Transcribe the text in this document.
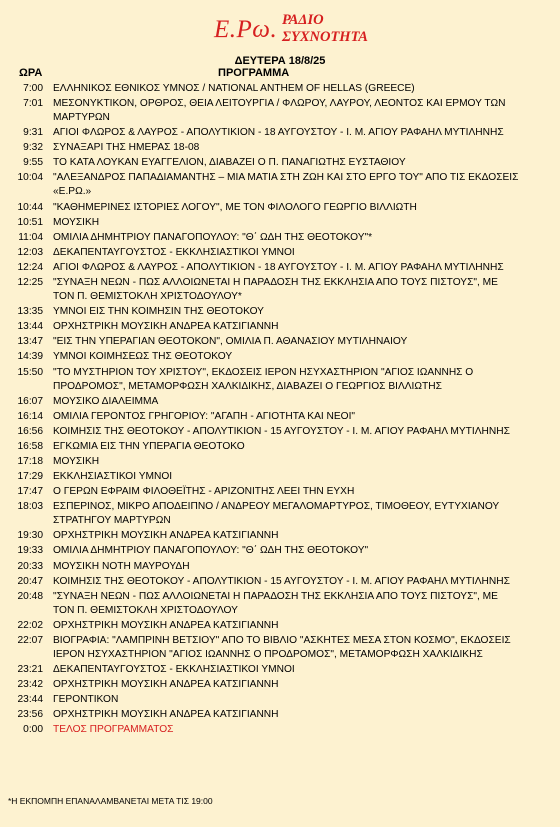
Ε.Ρω. ΡΑΔΙΟ
ΣΥΧΝΟΤΗΤΑ
ΔΕΥΤΕΡΑ 18/8/25
ΩΡΑ	ΠΡΟΓΡΑΜΜΑ
7:00 ΕΛΛΗΝΙΚΟΣ ΕΘΝΙΚΟΣ ΥΜΝΟΣ / NATIONAL ANTHEM OF HELLAS (GREECE)
7:01 ΜΕΣΟΝΥΚΤΙΚΟΝ, ΟΡΘΡΟΣ, ΘΕΙΑ ΛΕΙΤΟΥΡΓΙΑ / ΦΛΩΡΟΥ, ΛΑΥΡΟΥ, ΛΕΟΝΤΟΣ ΚΑΙ ΕΡΜΟΥ ΤΩΝ ΜΑΡΤΥΡΩΝ
9:31 ΑΓΙΟΙ ΦΛΩΡΟΣ & ΛΑΥΡΟΣ - ΑΠΟΛΥΤΙΚΙΟΝ - 18 ΑΥΓΟΥΣΤΟΥ - Ι. Μ. ΑΓΙΟΥ ΡΑΦΑΗΛ ΜΥΤΙΛΗΝΗΣ
9:32 ΣΥΝΑΞΑΡΙ ΤΗΣ ΗΜΕΡΑΣ 18-08
9:55 ΤΟ ΚΑΤΑ ΛΟΥΚΑΝ ΕΥΑΓΓΕΛΙΟΝ, ΔΙΑΒΑΖΕΙ Ο Π. ΠΑΝΑΓΙΩΤΗΣ ΕΥΣΤΑΘΙΟΥ
10:04 "ΑΛΕΞΑΝΔΡΟΣ ΠΑΠΑΔΙΑΜΑΝΤΗΣ – ΜΙΑ ΜΑΤΙΑ ΣΤΗ ΖΩΗ ΚΑΙ ΣΤΟ ΕΡΓΟ ΤΟΥ" ΑΠΟ ΤΙΣ ΕΚΔΟΣΕΙΣ «Ε.ΡΩ.»
10:44 "ΚΑΘΗΜΕΡΙΝΕΣ ΙΣΤΟΡΙΕΣ ΛΟΓΟΥ", ΜΕ ΤΟΝ ΦΙΛΟΛΟΓΟ ΓΕΩΡΓΙΟ ΒΙΛΛΙΩΤΗ
10:51 ΜΟΥΣΙΚΗ
11:04 ΟΜΙΛΙΑ ΔΗΜΗΤΡΙΟΥ ΠΑΝΑΓΟΠΟΥΛΟΥ: "Θ΄ ΩΔΗ ΤΗΣ ΘΕΟΤΟΚΟΥ"*
12:03 ΔΕΚΑΠΕΝΤΑΥΓΟΥΣΤΟΣ - ΕΚΚΛΗΣΙΑΣΤΙΚΟΙ ΥΜΝΟΙ
12:24 ΑΓΙΟΙ ΦΛΩΡΟΣ & ΛΑΥΡΟΣ - ΑΠΟΛΥΤΙΚΙΟΝ - 18 ΑΥΓΟΥΣΤΟΥ - Ι. Μ. ΑΓΙΟΥ ΡΑΦΑΗΛ ΜΥΤΙΛΗΝΗΣ
12:25 "ΣΥΝΑΞΗ ΝΕΩΝ - ΠΩΣ ΑΛΛΟΙΩΝΕΤΑΙ Η ΠΑΡΑΔΟΣΗ ΤΗΣ ΕΚΚΛΗΣΙΑ ΑΠΟ ΤΟΥΣ ΠΙΣΤΟΥΣ", ΜΕ ΤΟΝ Π. ΘΕΜΙΣΤΟΚΛΗ ΧΡΙΣΤΟΔΟΥΛΟΥ*
13:35 ΥΜΝΟΙ ΕΙΣ ΤΗΝ ΚΟΙΜΗΣΙΝ ΤΗΣ ΘΕΟΤΟΚΟΥ
13:44 ΟΡΧΗΣΤΡΙΚΗ ΜΟΥΣΙΚΗ ΑΝΔΡΕΑ ΚΑΤΣΙΓΙΑΝΝΗ
13:47 "ΕΙΣ ΤΗΝ ΥΠΕΡΑΓΙΑΝ ΘΕΟΤΟΚΟΝ", ΟΜΙΛΙΑ Π. ΑΘΑΝΑΣΙΟΥ ΜΥΤΙΛΗΝΑΙΟΥ
14:39 ΥΜΝΟΙ ΚΟΙΜΗΣΕΩΣ ΤΗΣ ΘΕΟΤΟΚΟΥ
15:50 "ΤΟ ΜΥΣΤΗΡΙΟΝ ΤΟΥ ΧΡΙΣΤΟΥ", ΕΚΔΟΣΕΙΣ ΙΕΡΟΝ ΗΣΥΧΑΣΤΗΡΙΟΝ "ΑΓΙΟΣ ΙΩΑΝΝΗΣ Ο ΠΡΟΔΡΟΜΟΣ", ΜΕΤΑΜΟΡΦΩΣΗ ΧΑΛΚΙΔΙΚΗΣ, ΔΙΑΒΑΖΕΙ Ο ΓΕΩΡΓΙΟΣ ΒΙΛΛΙΩΤΗΣ
16:07 ΜΟΥΣΙΚΟ ΔΙΑΛΕΙΜΜΑ
16:14 ΟΜΙΛΙΑ ΓΕΡΟΝΤΟΣ ΓΡΗΓΟΡΙΟΥ: "ΑΓΑΠΗ - ΑΓΙΟΤΗΤΑ ΚΑΙ ΝΕΟΙ"
16:56 ΚΟΙΜΗΣΙΣ ΤΗΣ ΘΕΟΤΟΚΟΥ - ΑΠΟΛΥΤΙΚΙΟΝ - 15 ΑΥΓΟΥΣΤΟΥ - Ι. Μ. ΑΓΙΟΥ ΡΑΦΑΗΛ ΜΥΤΙΛΗΝΗΣ
16:58 ΕΓΚΩΜΙΑ ΕΙΣ ΤΗΝ ΥΠΕΡΑΓΙΑ ΘΕΟΤΟΚΟ
17:18 ΜΟΥΣΙΚΗ
17:29 ΕΚΚΛΗΣΙΑΣΤΙΚΟΙ ΥΜΝΟΙ
17:47 Ο ΓΕΡΩΝ ΕΦΡΑΙΜ ΦΙΛΟΘΕΪΤΗΣ - ΑΡΙΖΟΝΙΤΗΣ ΛΕΕΙ ΤΗΝ ΕΥΧΗ
18:03 ΕΣΠΕΡΙΝΟΣ, ΜΙΚΡΟ ΑΠΟΔΕΙΠΝΟ / ΑΝΔΡΕΟΥ ΜΕΓΑΛΟΜΑΡΤΥΡΟΣ, ΤΙΜΟΘΕΟΥ, ΕΥΤΥΧΙΑΝΟΥ ΣΤΡΑΤΗΓΟΥ ΜΑΡΤΥΡΩΝ
19:30 ΟΡΧΗΣΤΡΙΚΗ ΜΟΥΣΙΚΗ ΑΝΔΡΕΑ ΚΑΤΣΙΓΙΑΝΝΗ
19:33 ΟΜΙΛΙΑ ΔΗΜΗΤΡΙΟΥ ΠΑΝΑΓΟΠΟΥΛΟΥ: "Θ΄ ΩΔΗ ΤΗΣ ΘΕΟΤΟΚΟΥ"
20:33 ΜΟΥΣΙΚΗ ΝΟΤΗ ΜΑΥΡΟΥΔΗ
20:47 ΚΟΙΜΗΣΙΣ ΤΗΣ ΘΕΟΤΟΚΟΥ - ΑΠΟΛΥΤΙΚΙΟΝ - 15 ΑΥΓΟΥΣΤΟΥ - Ι. Μ. ΑΓΙΟΥ ΡΑΦΑΗΛ ΜΥΤΙΛΗΝΗΣ
20:48 "ΣΥΝΑΞΗ ΝΕΩΝ - ΠΩΣ ΑΛΛΟΙΩΝΕΤΑΙ Η ΠΑΡΑΔΟΣΗ ΤΗΣ ΕΚΚΛΗΣΙΑ ΑΠΟ ΤΟΥΣ ΠΙΣΤΟΥΣ", ΜΕ ΤΟΝ Π. ΘΕΜΙΣΤΟΚΛΗ ΧΡΙΣΤΟΔΟΥΛΟΥ
22:02 ΟΡΧΗΣΤΡΙΚΗ ΜΟΥΣΙΚΗ ΑΝΔΡΕΑ ΚΑΤΣΙΓΙΑΝΝΗ
22:07 ΒΙΟΓΡΑΦΙΑ: "ΛΑΜΠΡΙΝΗ ΒΕΤΣΙΟΥ" ΑΠΟ ΤΟ ΒΙΒΛΙΟ "ΑΣΚΗΤΕΣ ΜΕΣΑ ΣΤΟΝ ΚΟΣΜΟ", ΕΚΔΟΣΕΙΣ ΙΕΡΟΝ ΗΣΥΧΑΣΤΗΡΙΟΝ "ΑΓΙΟΣ ΙΩΑΝΝΗΣ Ο ΠΡΟΔΡΟΜΟΣ", ΜΕΤΑΜΟΡΦΩΣΗ ΧΑΛΚΙΔΙΚΗΣ
23:21 ΔΕΚΑΠΕΝΤΑΥΓΟΥΣΤΟΣ - ΕΚΚΛΗΣΙΑΣΤΙΚΟΙ ΥΜΝΟΙ
23:42 ΟΡΧΗΣΤΡΙΚΗ ΜΟΥΣΙΚΗ ΑΝΔΡΕΑ ΚΑΤΣΙΓΙΑΝΝΗ
23:44 ΓΕΡΟΝΤΙΚΟΝ
23:56 ΟΡΧΗΣΤΡΙΚΗ ΜΟΥΣΙΚΗ ΑΝΔΡΕΑ ΚΑΤΣΙΓΙΑΝΝΗ
0:00 ΤΕΛΟΣ ΠΡΟΓΡΑΜΜΑΤΟΣ
*Η ΕΚΠΟΜΠΗ ΕΠΑΝΑΛΑΜΒΑΝΕΤΑΙ ΜΕΤΑ ΤΙΣ 19:00
